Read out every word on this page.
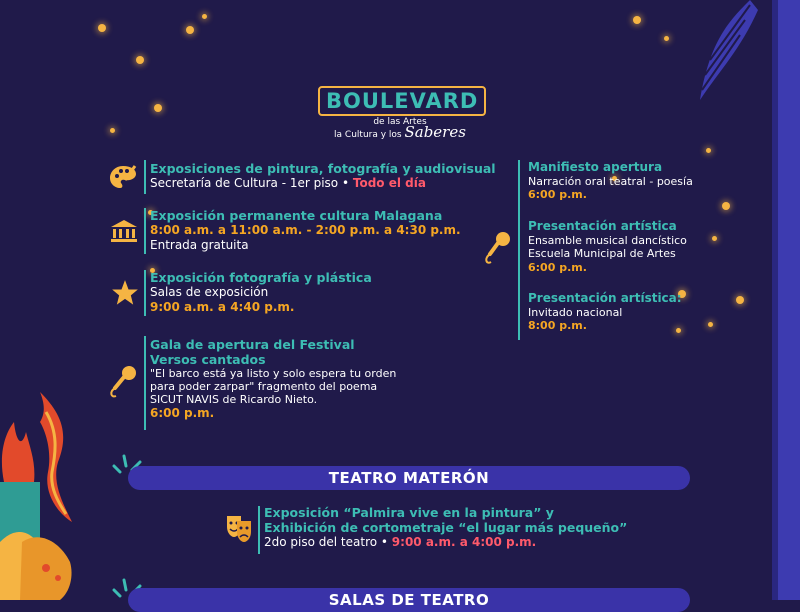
BOULEVARD
de las Artes
la Cultura y los Saberes
Exposiciones de pintura, fotografía y audiovisual
Secretaría de Cultura - 1er piso • Todo el día
Exposición permanente cultura Malagana
8:00 a.m. a 11:00 a.m. - 2:00 p.m. a 4:30 p.m.
Entrada gratuita
Exposición fotografía y plástica
Salas de exposición
9:00 a.m. a 4:40 p.m.
Gala de apertura del Festival
Versos cantados
"El barco está ya listo y solo espera tu orden
para poder zarpar" fragmento del poema
SICUT NAVIS de Ricardo Nieto.
6:00 p.m.
Manifiesto apertura
Narración oral teatral - poesía
6:00 p.m.
Presentación artística
Ensamble musical dancístico
Escuela Municipal de Artes
6:00 p.m.
Presentación artística:
Invitado nacional
8:00 p.m.
TEATRO MATERÓN
Exposición “Palmira vive en la pintura” y
Exhibición de cortometraje “el lugar más pequeño”
2do piso del teatro • 9:00 a.m. a 4:00 p.m.
SALAS DE TEATRO
